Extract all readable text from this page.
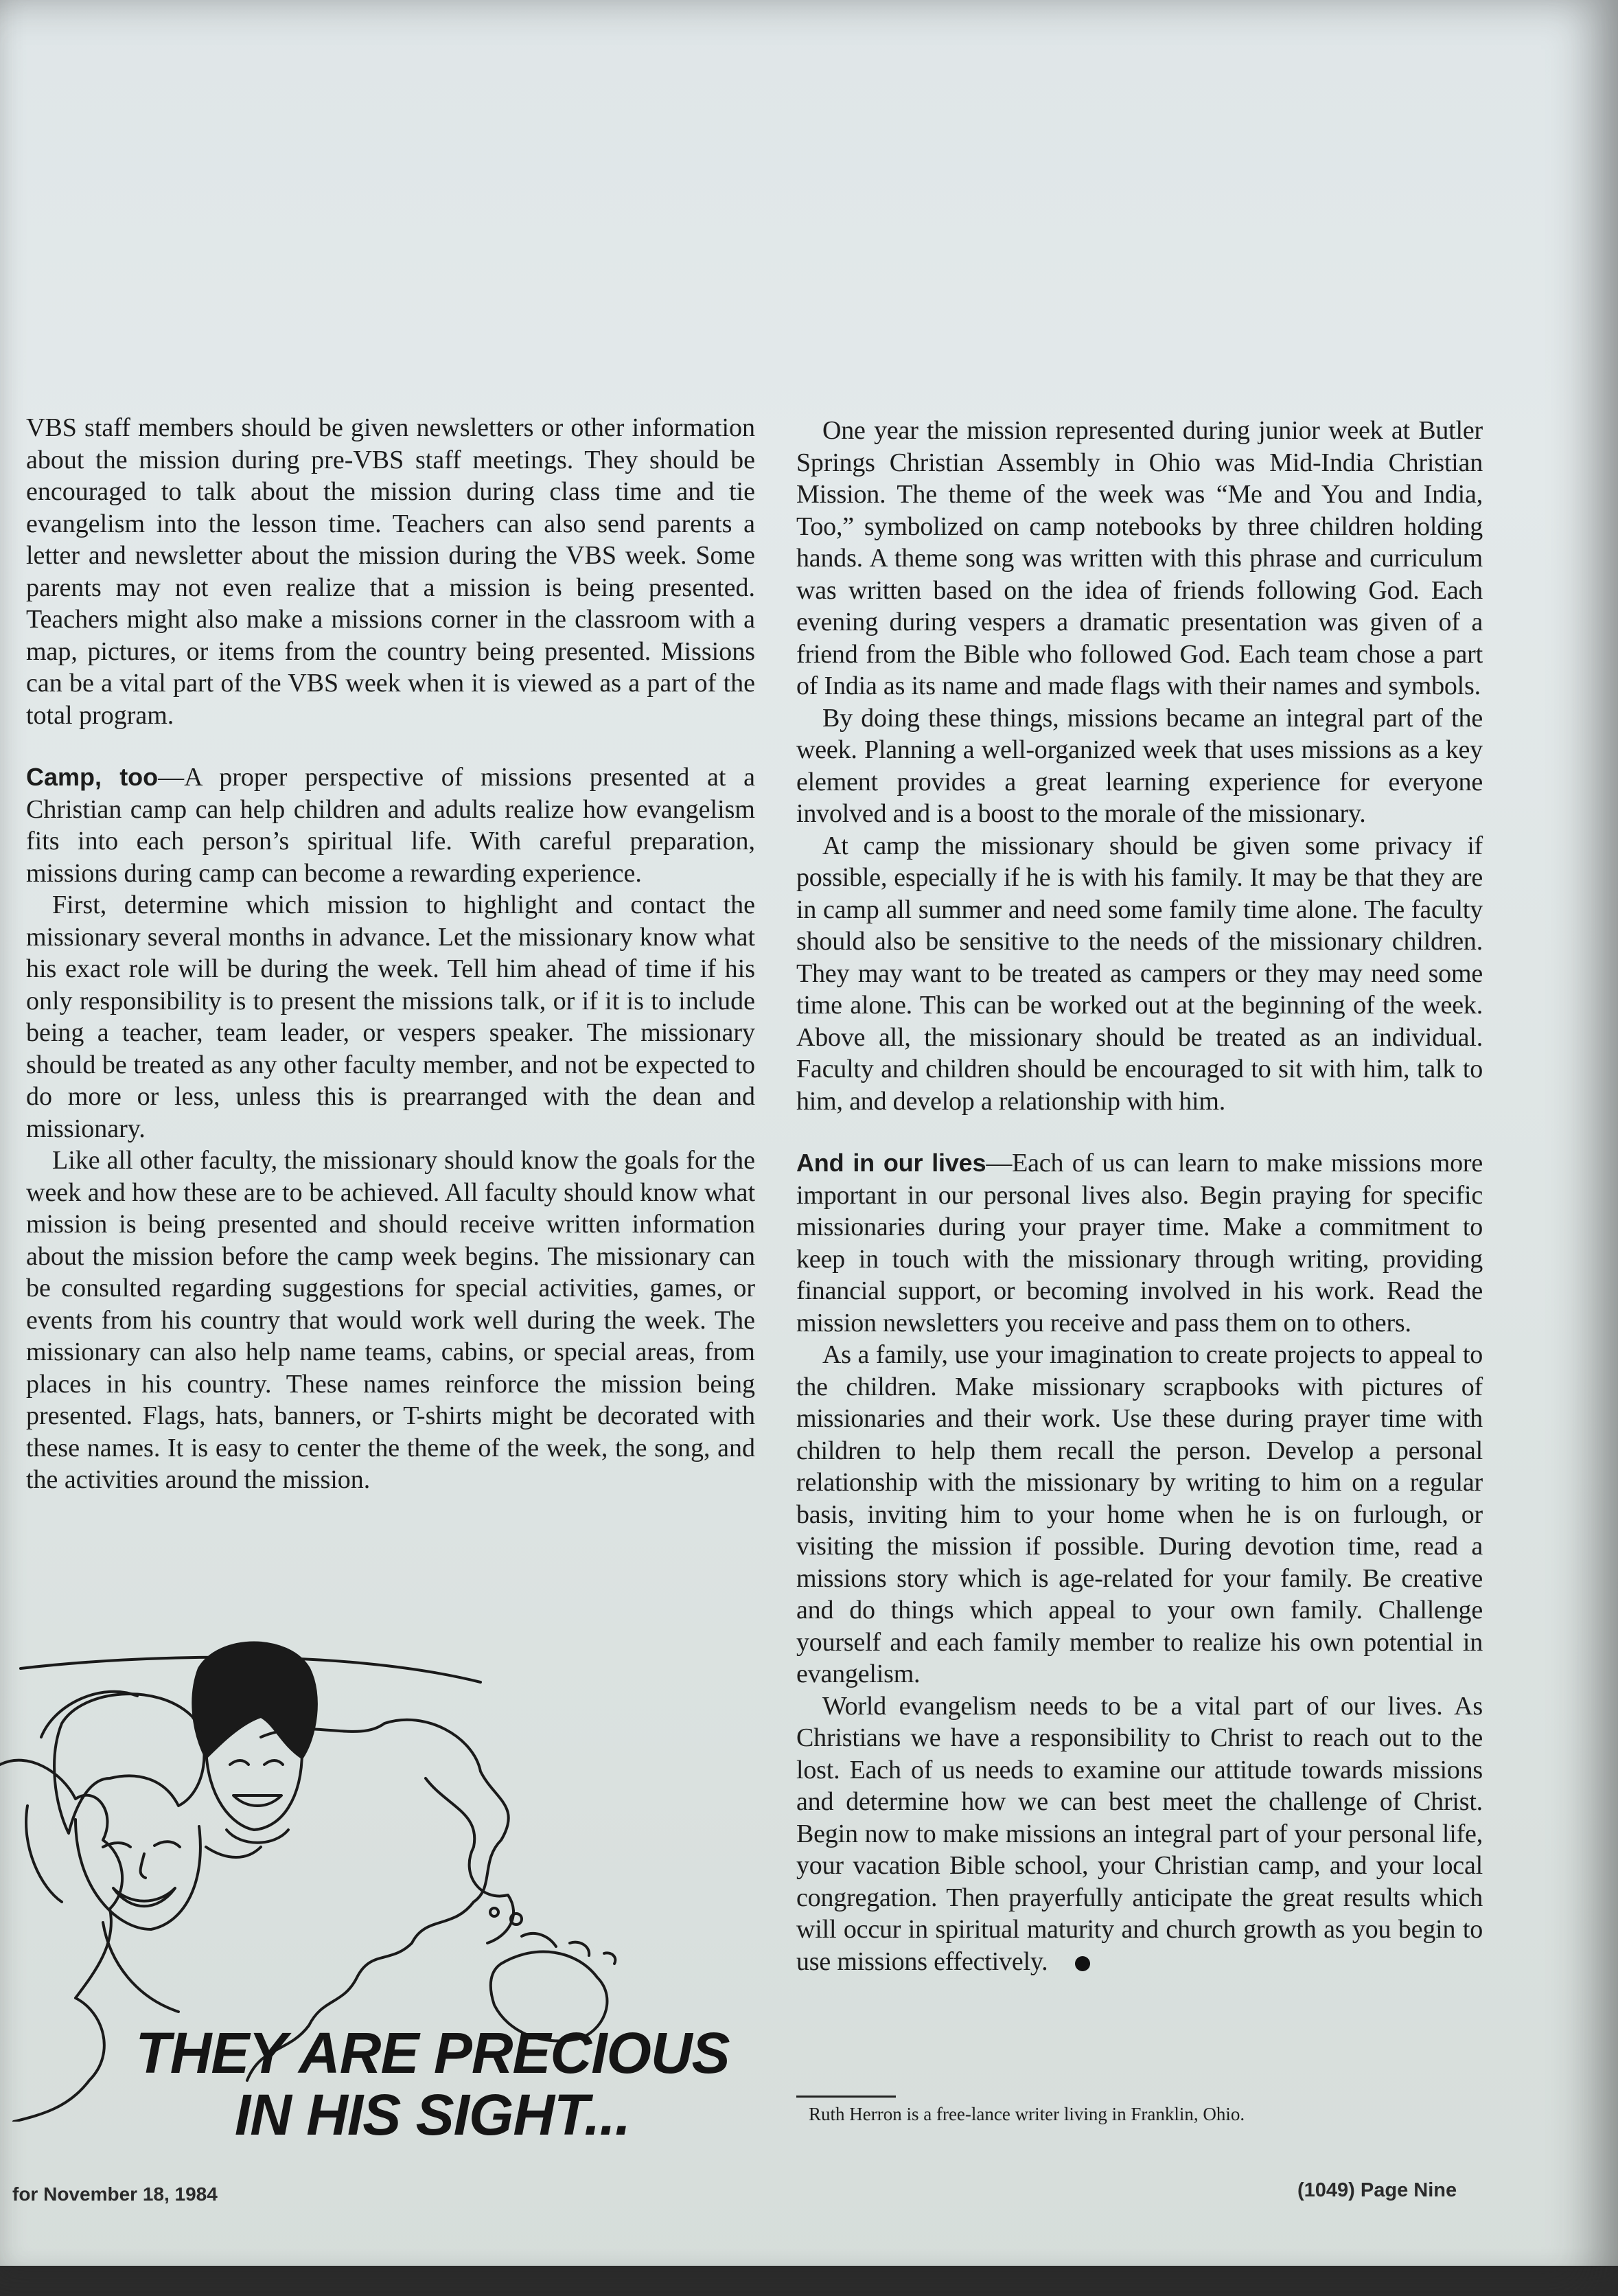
VBS staff members should be given newsletters or other information about the mission during pre-VBS staff meetings. They should be encouraged to talk about the mission during class time and tie evangelism into the lesson time. Teachers can also send parents a letter and newsletter about the mission during the VBS week. Some parents may not even realize that a mission is being presented. Teachers might also make a missions corner in the classroom with a map, pictures, or items from the country being presented. Missions can be a vital part of the VBS week when it is viewed as a part of the total program.

Camp, too—A proper perspective of missions presented at a Christian camp can help children and adults realize how evangelism fits into each person’s spiritual life. With careful preparation, missions during camp can become a rewarding experience.

First, determine which mission to highlight and contact the missionary several months in advance. Let the missionary know what his exact role will be during the week. Tell him ahead of time if his only responsibility is to present the missions talk, or if it is to include being a teacher, team leader, or vespers speaker. The missionary should be treated as any other faculty member, and not be expected to do more or less, unless this is prearranged with the dean and missionary.

Like all other faculty, the missionary should know the goals for the week and how these are to be achieved. All faculty should know what mission is being presented and should receive written information about the mission before the camp week begins. The missionary can be consulted regarding suggestions for special activities, games, or events from his country that would work well during the week. The missionary can also help name teams, cabins, or special areas, from places in his country. These names reinforce the mission being presented. Flags, hats, banners, or T-shirts might be decorated with these names. It is easy to center the theme of the week, the song, and the activities around the mission.

One year the mission represented during junior week at Butler Springs Christian Assembly in Ohio was Mid-India Christian Mission. The theme of the week was “Me and You and India, Too,” symbolized on camp notebooks by three children holding hands. A theme song was written with this phrase and curriculum was written based on the idea of friends following God. Each evening during vespers a dramatic presentation was given of a friend from the Bible who followed God. Each team chose a part of India as its name and made flags with their names and symbols.

By doing these things, missions became an integral part of the week. Planning a well-organized week that uses missions as a key element provides a great learning experience for everyone involved and is a boost to the morale of the missionary.

At camp the missionary should be given some privacy if possible, especially if he is with his family. It may be that they are in camp all summer and need some family time alone. The faculty should also be sensitive to the needs of the missionary children. They may want to be treated as campers or they may need some time alone. This can be worked out at the beginning of the week. Above all, the missionary should be treated as an individual. Faculty and children should be encouraged to sit with him, talk to him, and develop a relationship with him.

And in our lives—Each of us can learn to make missions more important in our personal lives also. Begin praying for specific missionaries during your prayer time. Make a commitment to keep in touch with the missionary through writing, providing financial support, or becoming involved in his work. Read the mission newsletters you receive and pass them on to others.

As a family, use your imagination to create projects to appeal to the children. Make missionary scrapbooks with pictures of missionaries and their work. Use these during prayer time with children to help them recall the person. Develop a personal relationship with the missionary by writing to him on a regular basis, inviting him to your home when he is on furlough, or visiting the mission if possible. During devotion time, read a missions story which is age-related for your family. Be creative and do things which appeal to your own family. Challenge yourself and each family member to realize his own potential in evangelism.

World evangelism needs to be a vital part of our lives. As Christians we have a responsibility to Christ to reach out to the lost. Each of us needs to examine our attitude towards missions and determine how we can best meet the challenge of Christ. Begin now to make missions an integral part of your personal life, your vacation Bible school, your Christian camp, and your local congregation. Then prayerfully anticipate the great results which will occur in spiritual maturity and church growth as you begin to use missions effectively.

THEY ARE PRECIOUS
IN HIS SIGHT...	Ruth Herron is a free-lance writer living in Franklin, Ohio.
for November 18, 1984	(1049) Page Nine
